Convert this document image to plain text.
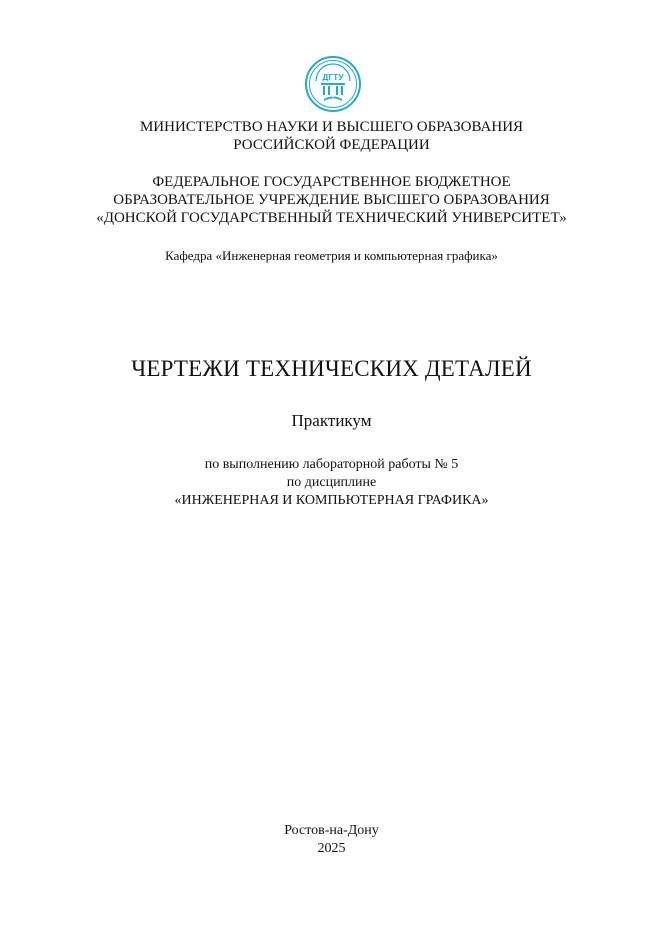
ДГТУ
МИНИСТЕРСТВО НАУКИ И ВЫСШЕГО ОБРАЗОВАНИЯ
РОССИЙСКОЙ ФЕДЕРАЦИИ
ФЕДЕРАЛЬНОЕ ГОСУДАРСТВЕННОЕ БЮДЖЕТНОЕ
ОБРАЗОВАТЕЛЬНОЕ УЧРЕЖДЕНИЕ ВЫСШЕГО ОБРАЗОВАНИЯ
«ДОНСКОЙ ГОСУДАРСТВЕННЫЙ ТЕХНИЧЕСКИЙ УНИВЕРСИТЕТ»
Кафедра «Инженерная геометрия и компьютерная графика»
ЧЕРТЕЖИ ТЕХНИЧЕСКИХ ДЕТАЛЕЙ
Практикум
по выполнению лабораторной работы № 5
по дисциплине
«ИНЖЕНЕРНАЯ И КОМПЬЮТЕРНАЯ ГРАФИКА»
Ростов-на-Дону
2025
